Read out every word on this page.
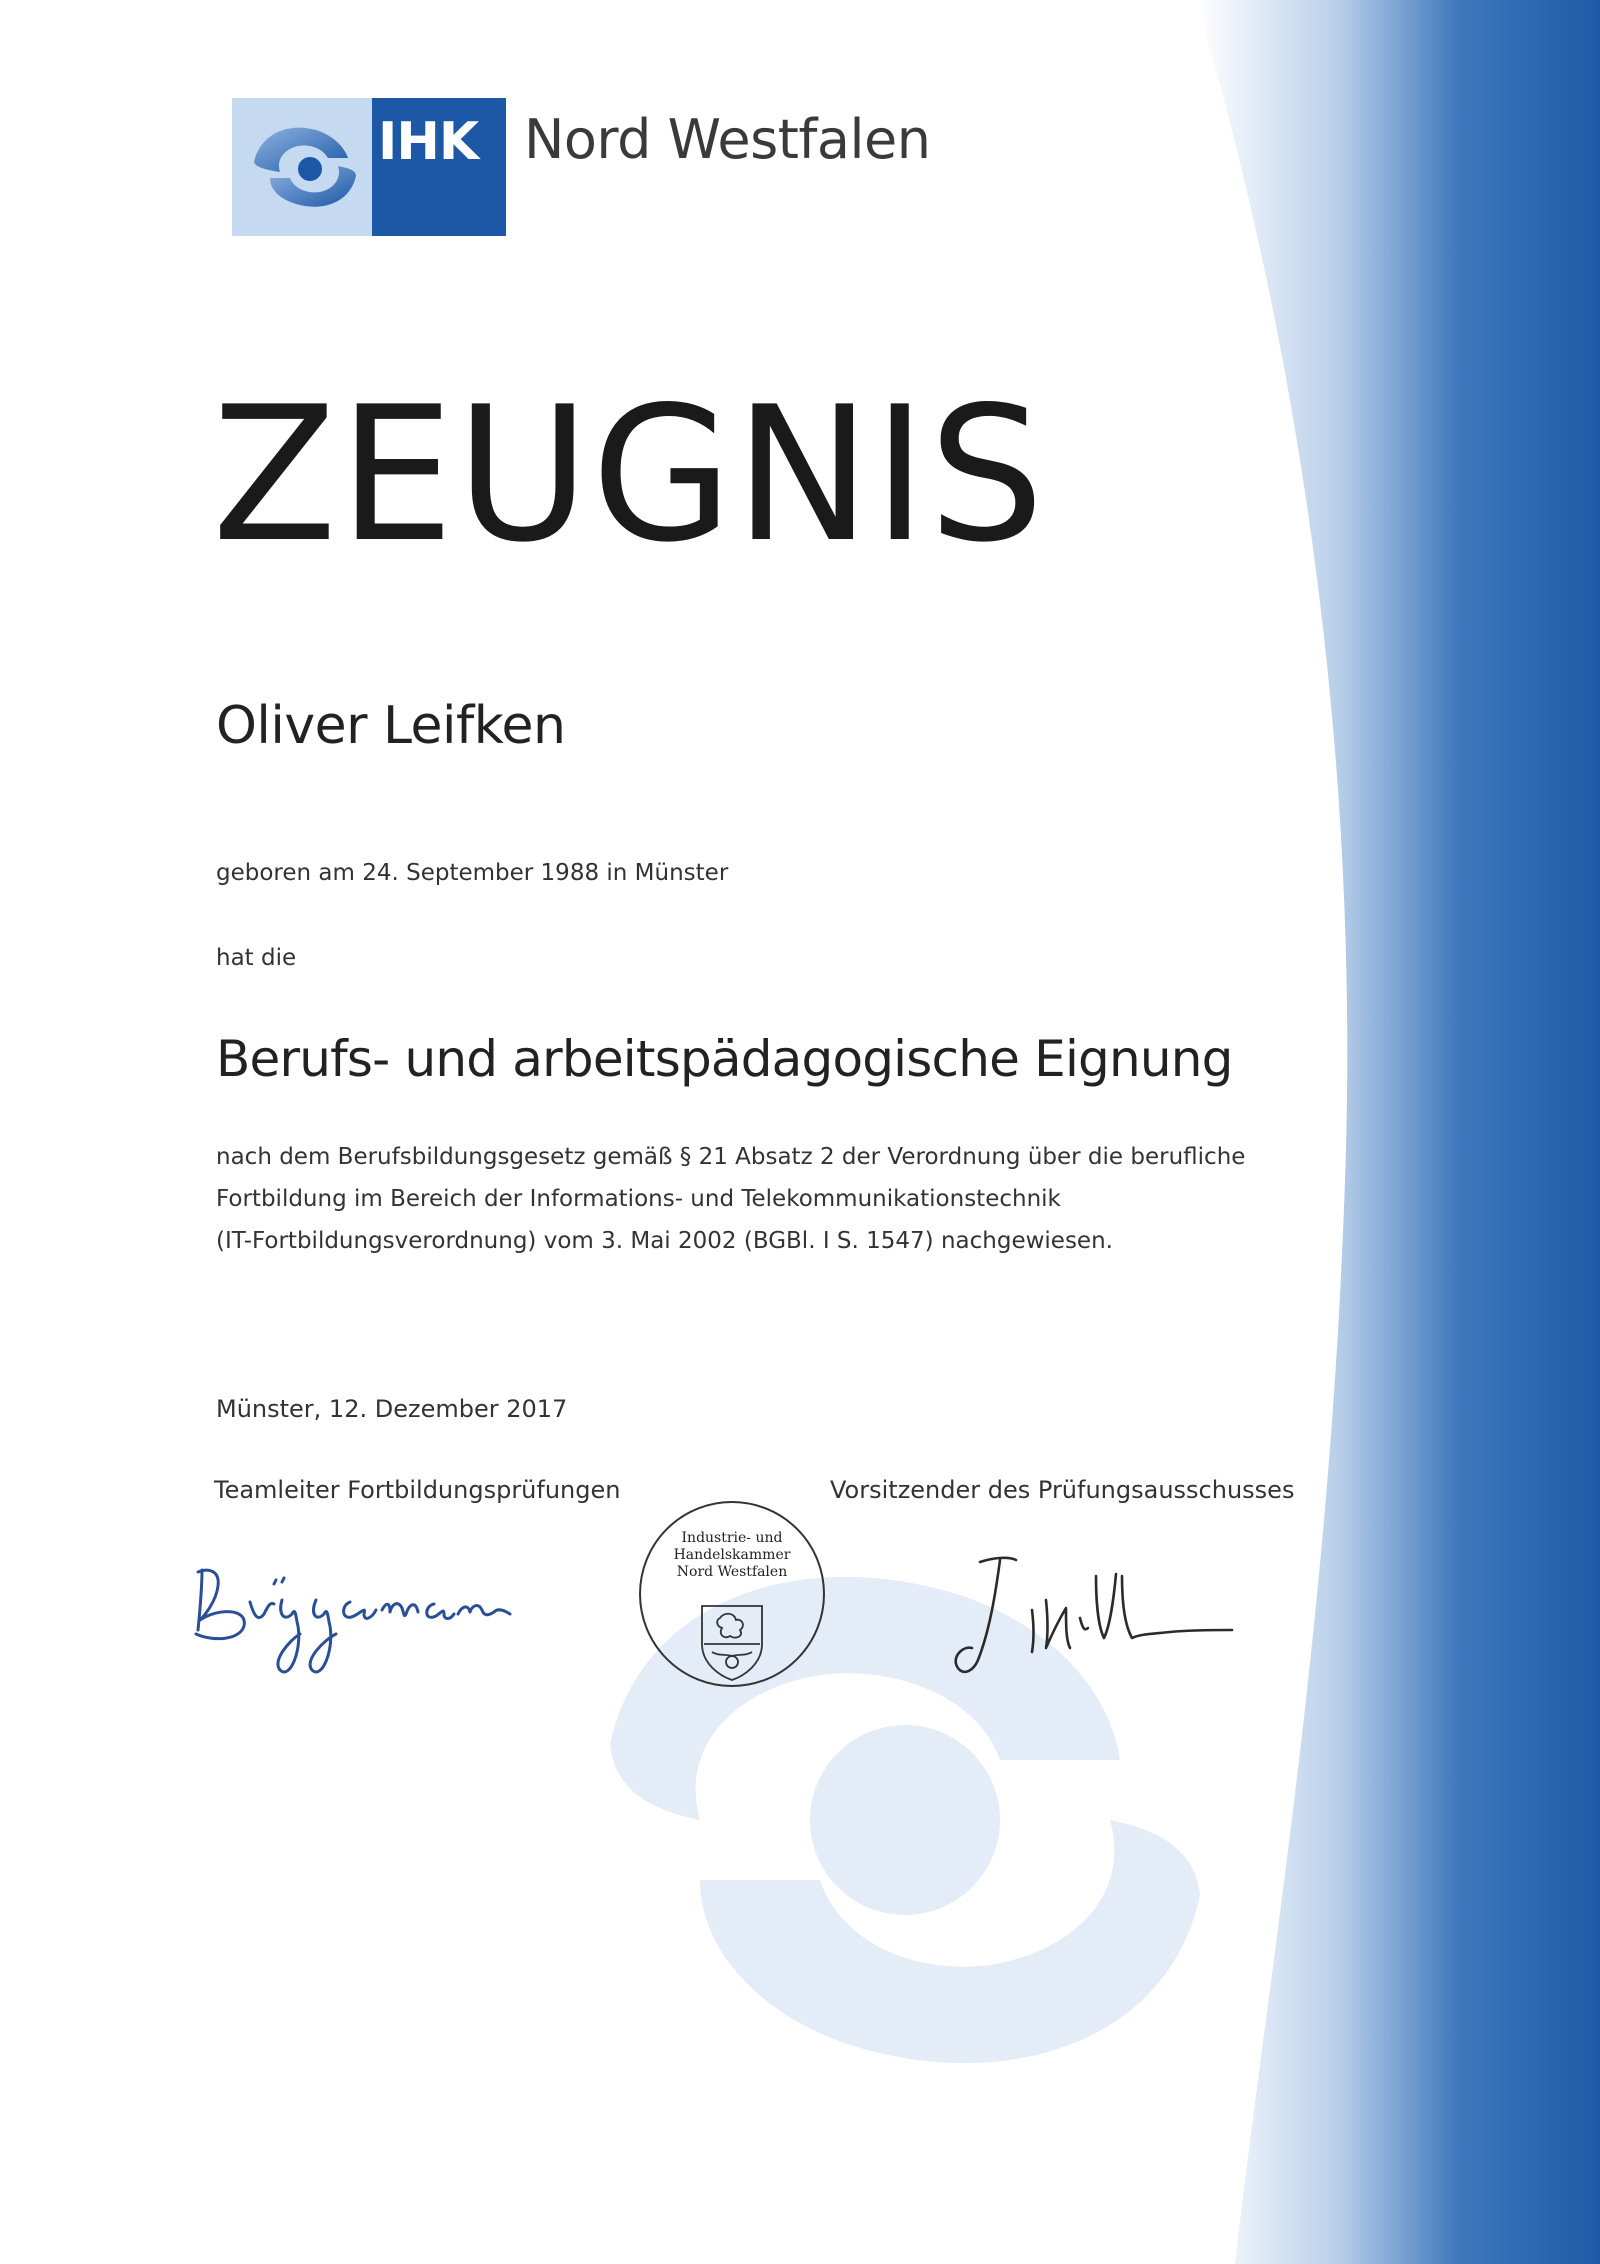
IHK Nord Westfalen
ZEUGNIS
Oliver Leifken
geboren am 24. September 1988 in Münster
hat die
Berufs- und arbeitspädagogische Eignung

nach dem Berufsbildungsgesetz gemäß § 21 Absatz 2 der Verordnung über die berufliche
Fortbildung im Bereich der Informations- und Telekommunikationstechnik
(IT-Fortbildungsverordnung) vom 3. Mai 2002 (BGBl. I S. 1547) nachgewiesen.

Münster, 12. Dezember 2017
Teamleiter Fortbildungsprüfungen	Vorsitzender des Prüfungsausschusses
Industrie- und
Handelskammer
Nord Westfalen
